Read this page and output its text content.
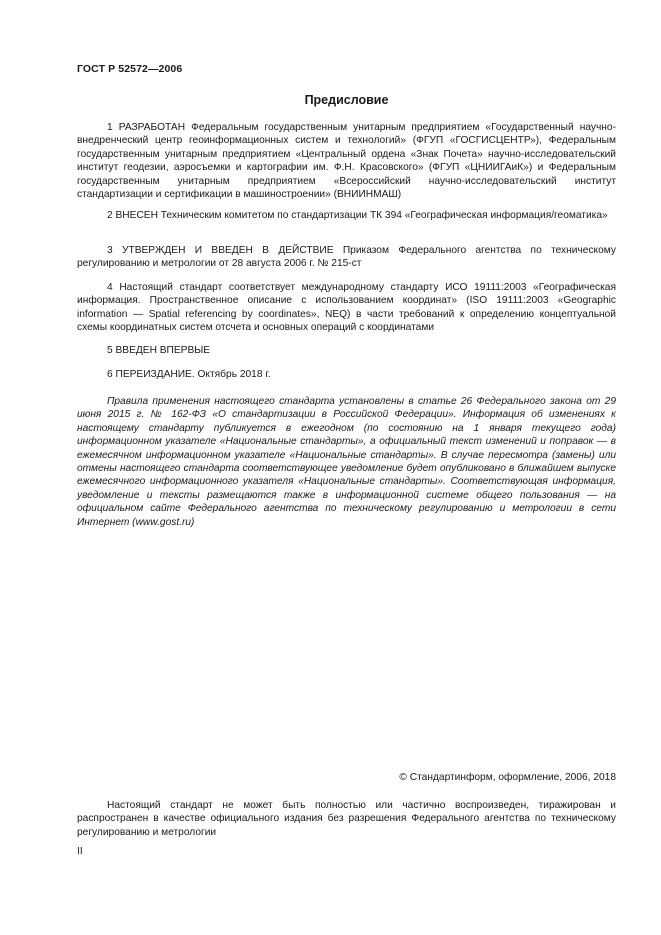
ГОСТ Р 52572—2006
Предисловие

1 РАЗРАБОТАН Федеральным государственным унитарным предприятием «Государственный научно-внедренческий центр геоинформационных систем и технологий» (ФГУП «ГОСГИСЦЕНТР»), Федеральным государственным унитарным предприятием «Центральный ордена «Знак Почета» научно-исследовательский институт геодезии, аэросъемки и картографии им. Ф.Н. Красовского» (ФГУП «ЦНИИГАиК») и Федеральным государственным унитарным предприятием «Всероссийский научно-исследовательский институт стандартизации и сертификации в машиностроении» (ВНИИНМАШ)

2 ВНЕСЕН Техническим комитетом по стандартизации ТК 394 «Географическая информация/геоматика»

3 УТВЕРЖДЕН И ВВЕДЕН В ДЕЙСТВИЕ Приказом Федерального агентства по техническому регулированию и метрологии от 28 августа 2006 г. № 215-ст

4 Настоящий стандарт соответствует международному стандарту ИСО 19111:2003 «Географическая информация. Пространственное описание с использованием координат» (ISO 19111:2003 «Geographic information — Spatial referencing by coordinates», NEQ) в части требований к определению концептуальной схемы координатных систем отсчета и основных операций с координатами

5 ВВЕДЕН ВПЕРВЫЕ

6 ПЕРЕИЗДАНИЕ. Октябрь 2018 г.

Правила применения настоящего стандарта установлены в статье 26 Федерального закона от 29 июня 2015 г. № 162-ФЗ «О стандартизации в Российской Федерации». Информация об изменениях к настоящему стандарту публикуется в ежегодном (по состоянию на 1 января текущего года) информационном указателе «Национальные стандарты», а официальный текст изменений и поправок — в ежемесячном информационном указателе «Национальные стандарты». В случае пересмотра (замены) или отмены настоящего стандарта соответствующее уведомление будет опубликовано в ближайшем выпуске ежемесячного информационного указателя «Национальные стандарты». Соответствующая информация, уведомление и тексты размещаются также в информационной системе общего пользования — на официальном сайте Федерального агентства по техническому регулированию и метрологии в сети Интернет (www.gost.ru)

© Стандартинформ, оформление, 2006, 2018

Настоящий стандарт не может быть полностью или частично воспроизведен, тиражирован и распространен в качестве официального издания без разрешения Федерального агентства по техническому регулированию и метрологии

II
